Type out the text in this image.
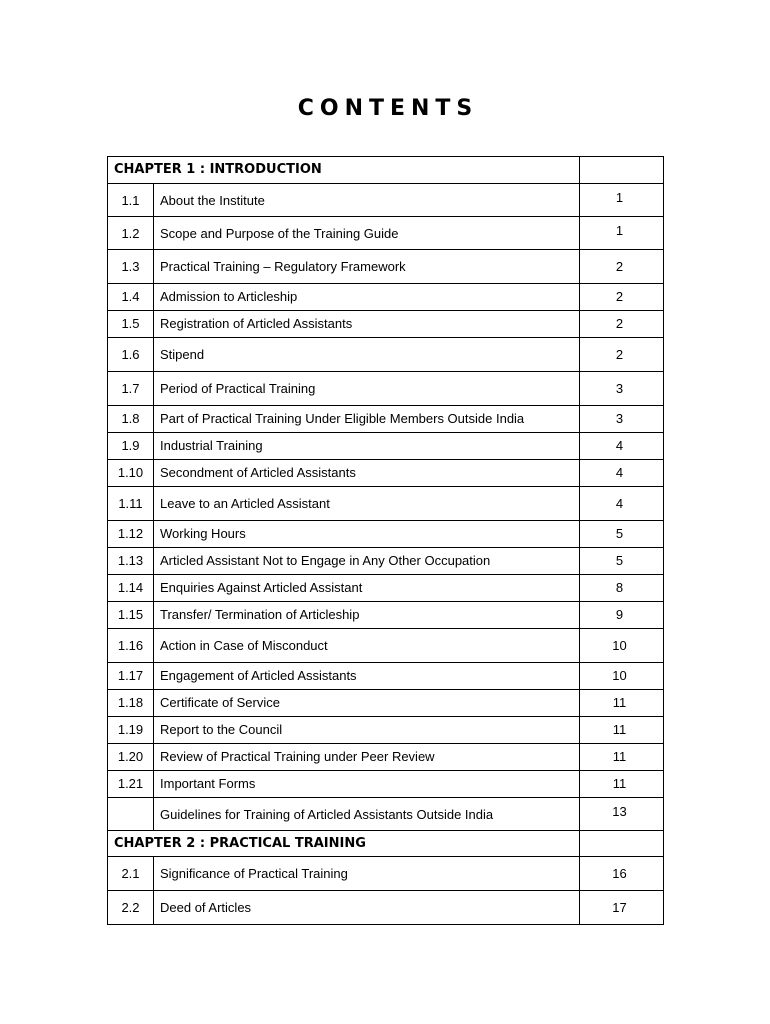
CONTENTS
CHAPTER 1 : INTRODUCTION		
1.1	About the Institute	1
1.2	Scope and Purpose of the Training Guide	1
1.3	Practical Training – Regulatory Framework	2
1.4	Admission to Articleship	2
1.5	Registration of Articled Assistants	2
1.6	Stipend	2
1.7	Period of Practical Training	3
1.8	Part of Practical Training Under Eligible Members Outside India	3
1.9	Industrial Training	4
1.10	Secondment of Articled Assistants	4
1.11	Leave to an Articled Assistant	4
1.12	Working Hours	5
1.13	Articled Assistant Not to Engage in Any Other Occupation	5
1.14	Enquiries Against Articled Assistant	8
1.15	Transfer/ Termination of Articleship	9
1.16	Action in Case of Misconduct	10
1.17	Engagement of Articled Assistants	10
1.18	Certificate of Service	11
1.19	Report to the Council	11
1.20	Review of Practical Training under Peer Review	11
1.21	Important Forms	11
	Guidelines for Training of Articled Assistants Outside India	13
CHAPTER 2 : PRACTICAL TRAINING		
2.1	Significance of Practical Training	16
2.2	Deed of Articles	17
